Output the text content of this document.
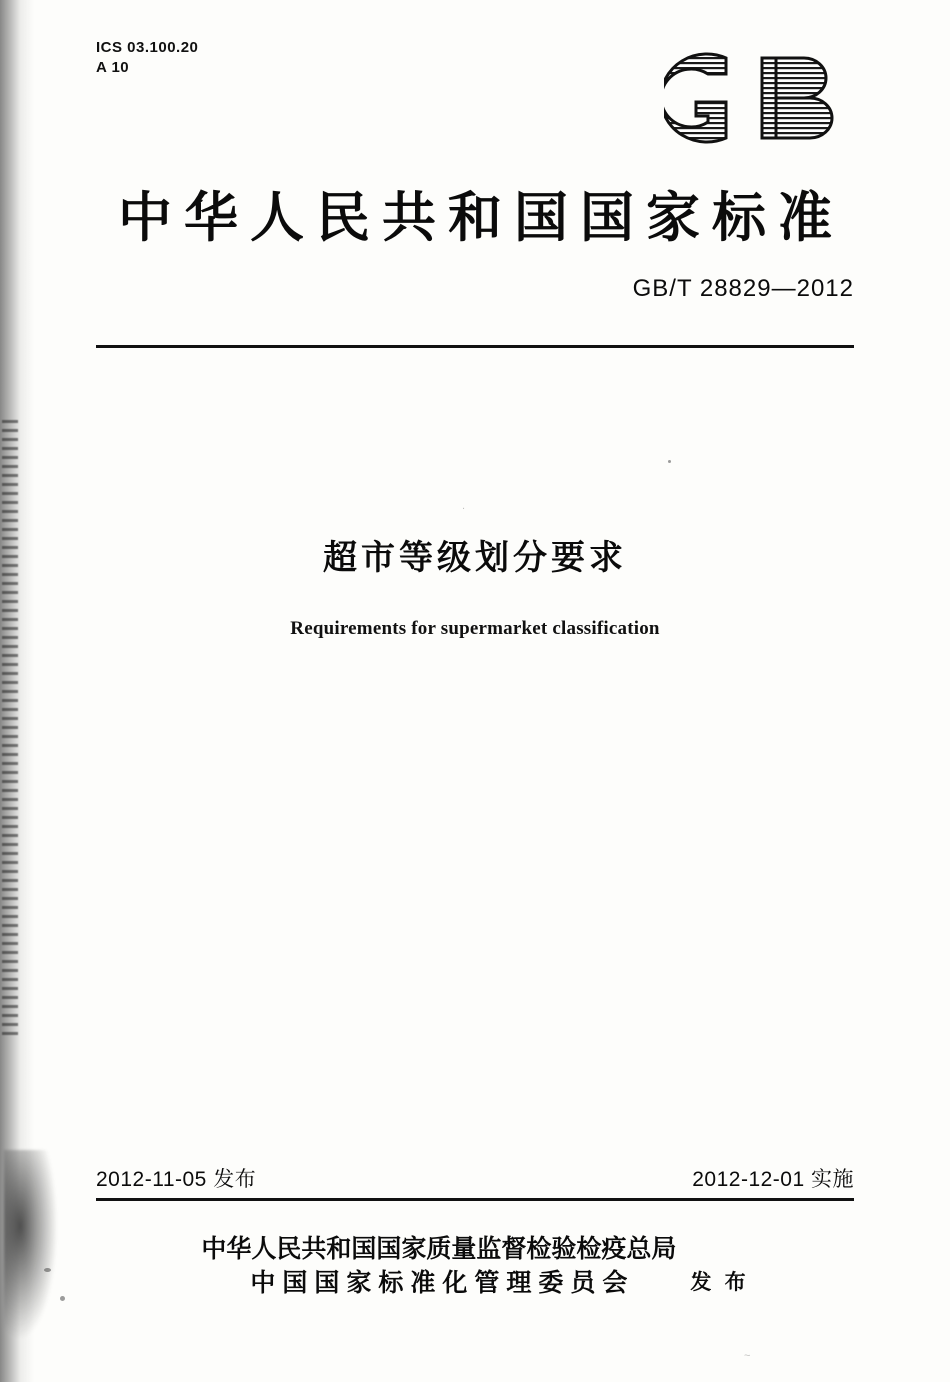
.
~
ICS 03.100.20
A 10
中华人民共和国国家标准
GB/T 28829—2012
超市等级划分要求
Requirements for supermarket classification
2012-11-05 发布	2012-12-01 实施
中华人民共和国国家质量监督检验检疫总局
中国国家标准化管理委员会	发 布
